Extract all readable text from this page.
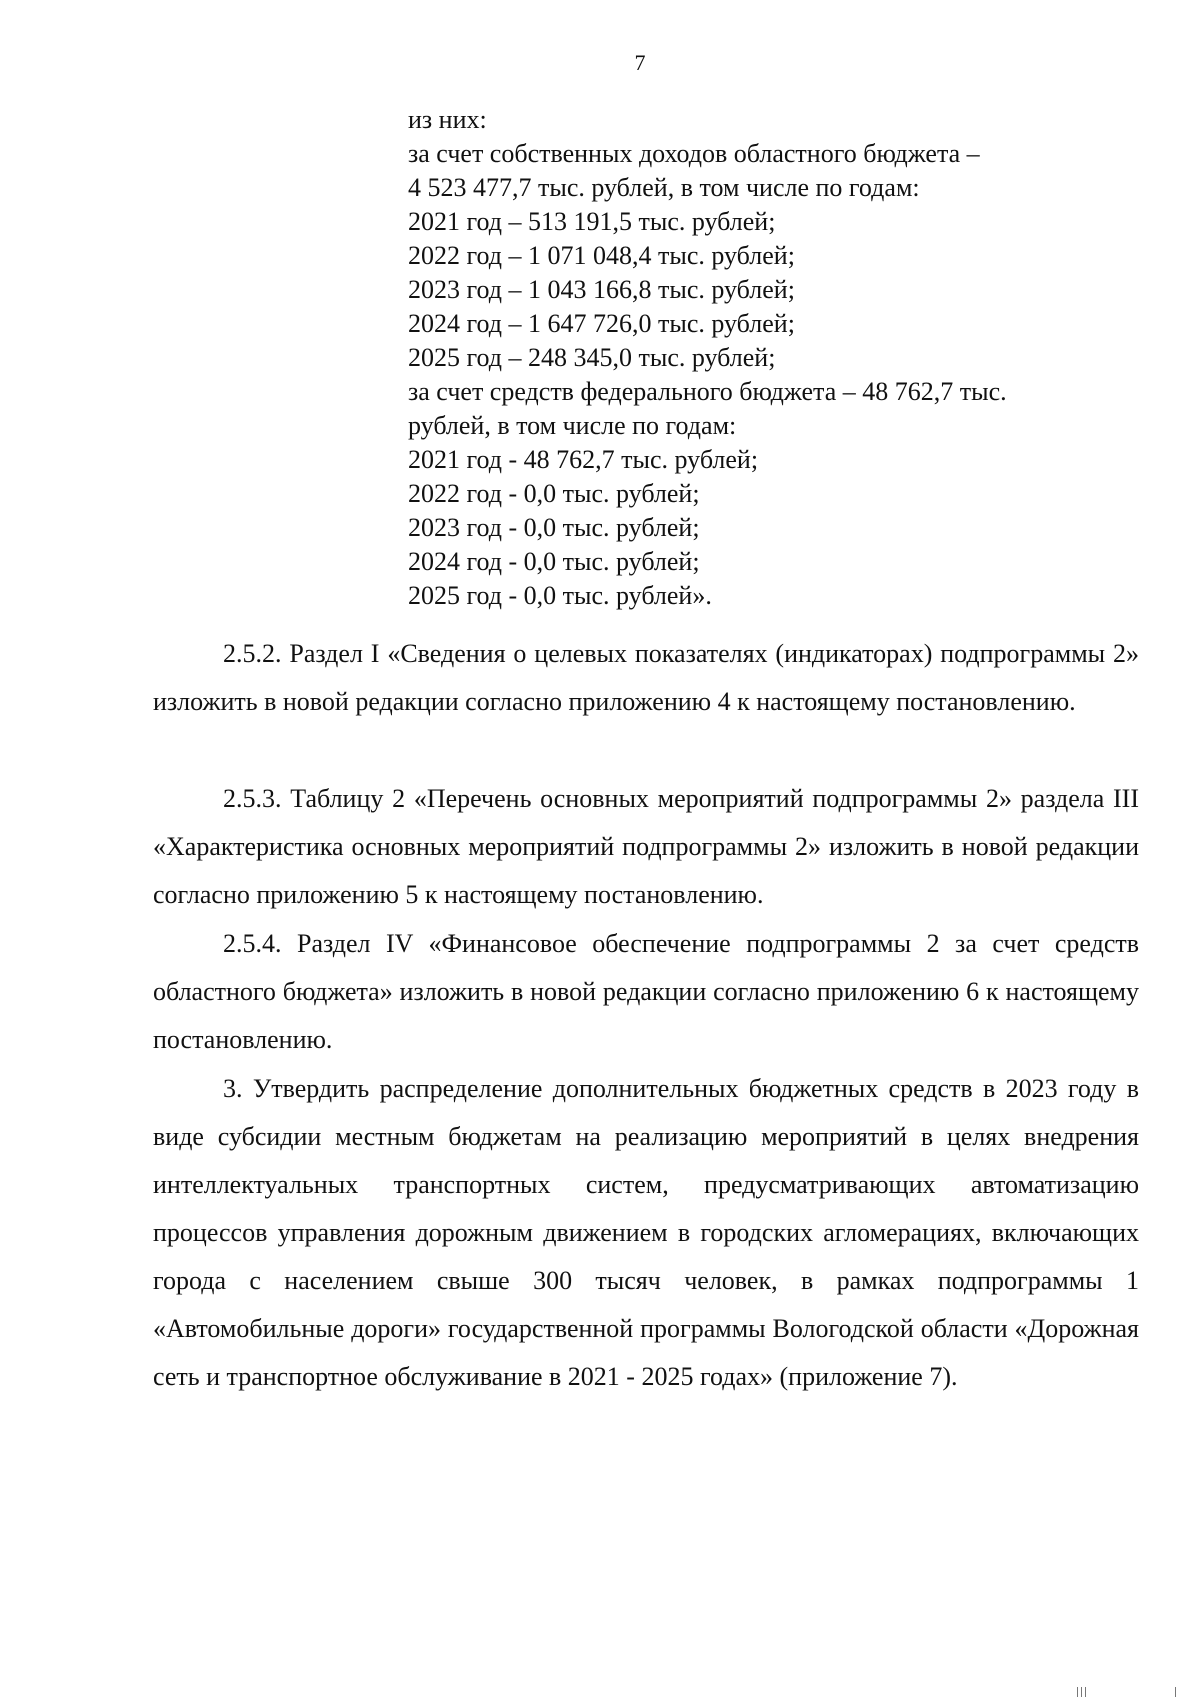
7
из них:
за счет собственных доходов областного бюджета –
4 523 477,7 тыс. рублей, в том числе по годам:
2021 год – 513 191,5 тыс. рублей;
2022 год – 1 071 048,4 тыс. рублей;
2023 год – 1 043 166,8 тыс. рублей;
2024 год – 1 647 726,0 тыс. рублей;
2025 год – 248 345,0 тыс. рублей;
за счет средств федерального бюджета – 48 762,7 тыс.
рублей, в том числе по годам:
2021 год - 48 762,7 тыс. рублей;
2022 год - 0,0 тыс. рублей;
2023 год - 0,0 тыс. рублей;
2024 год - 0,0 тыс. рублей;
2025 год - 0,0 тыс. рублей».

2.5.2. Раздел I «Сведения о целевых показателях (индикаторах) подпрограммы 2» изложить в новой редакции согласно приложению 4 к настоящему постановлению.

2.5.3. Таблицу 2 «Перечень основных мероприятий подпрограммы 2» раздела III «Характеристика основных мероприятий подпрограммы 2» изложить в новой редакции согласно приложению 5 к настоящему постановлению.

2.5.4. Раздел IV «Финансовое обеспечение подпрограммы 2 за счет средств областного бюджета» изложить в новой редакции согласно приложению 6 к настоящему постановлению.

3. Утвердить распределение дополнительных бюджетных средств в 2023 году в виде субсидии местным бюджетам на реализацию мероприятий в целях внедрения интеллектуальных транспортных систем, предусматривающих автоматизацию процессов управления дорожным движением в городских агломерациях, включающих города с населением свыше 300 тысяч человек, в рамках подпрограммы 1 «Автомобильные дороги» государственной программы Вологодской области «Дорожная сеть и транспортное обслуживание в 2021 - 2025 годах» (приложение 7).
